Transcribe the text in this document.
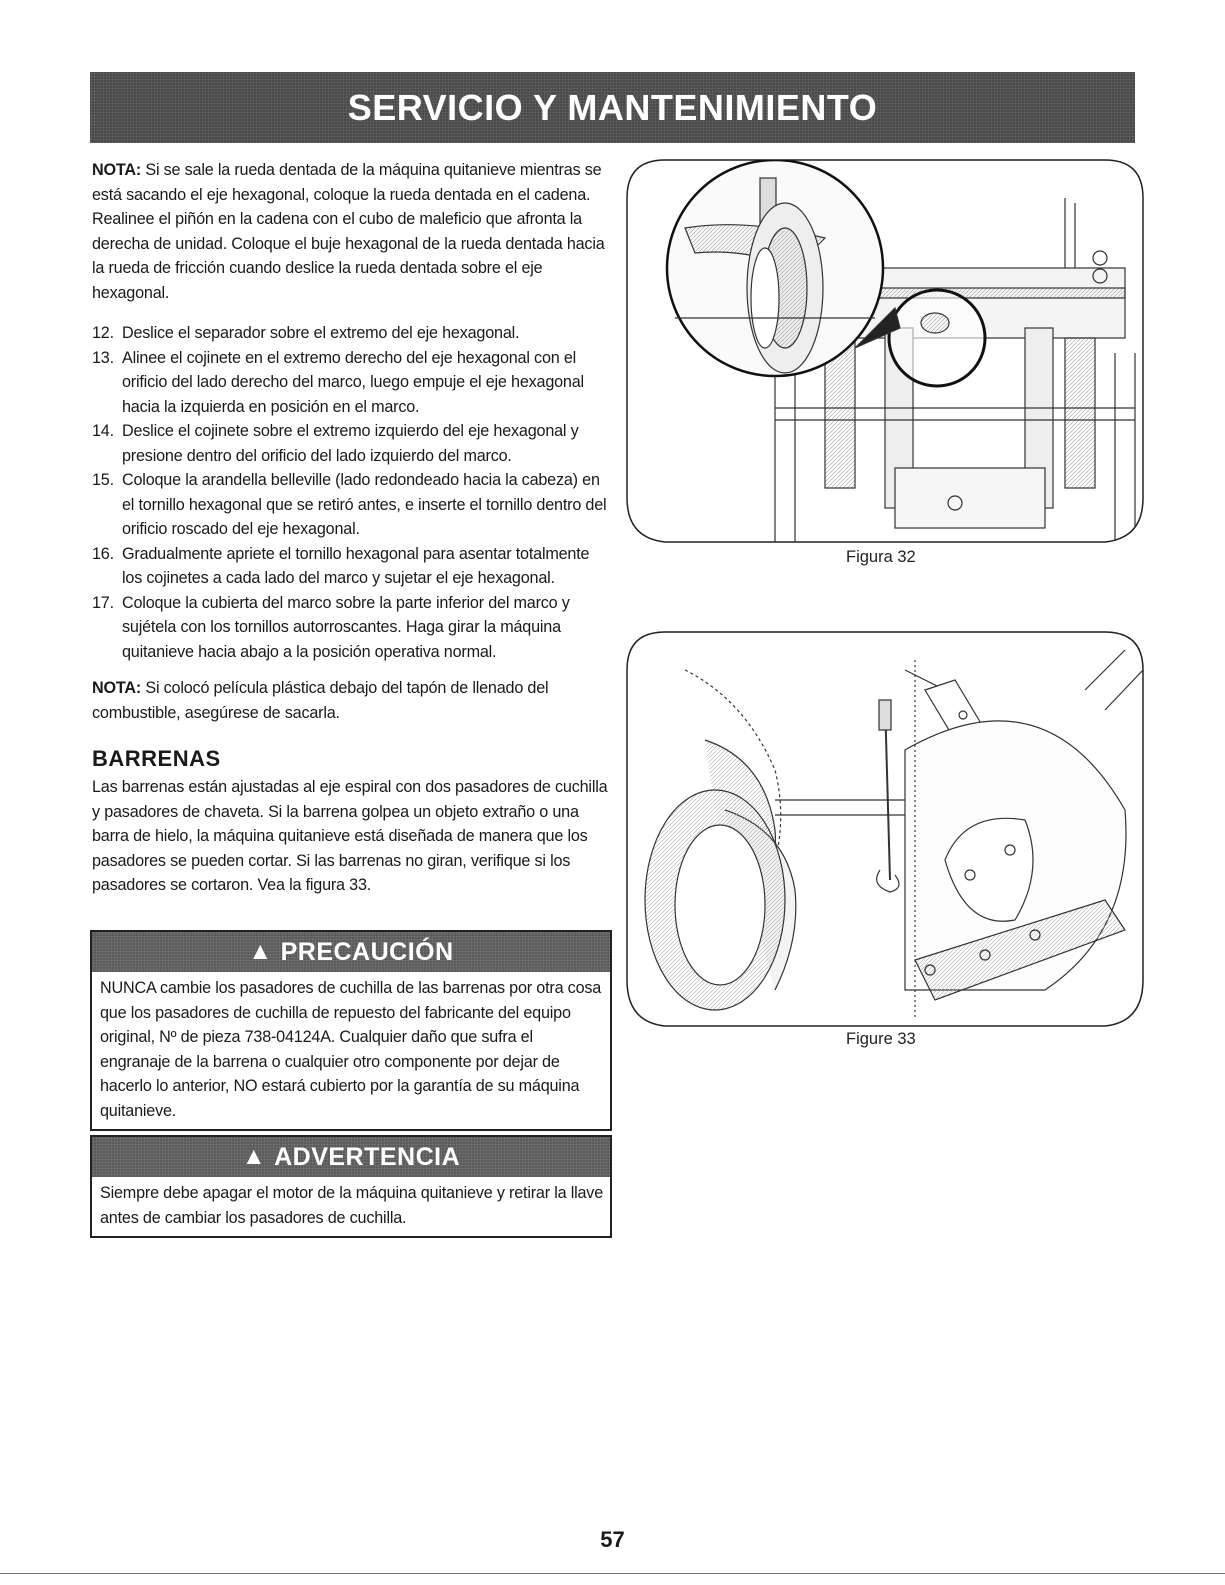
SERVICIO Y MANTENIMIENTO

NOTA: Si se sale la rueda dentada de la máquina quitanieve mientras se está sacando el eje hexagonal, coloque la rueda dentada en el cadena. Realinee el piñón en la cadena con el cubo de maleficio que afronta la derecha de unidad. Coloque el buje hexagonal de la rueda dentada hacia la rueda de fricción cuando deslice la rueda dentada sobre el eje hexagonal.

12. Deslice el separador sobre el extremo del eje hexagonal.
13. Alinee el cojinete en el extremo derecho del eje hexagonal con el orificio del lado derecho del marco, luego empuje el eje hexagonal hacia la izquierda en posición en el marco.
14. Deslice el cojinete sobre el extremo izquierdo del eje hexagonal y presione dentro del orificio del lado izquierdo del marco.
15. Coloque la arandella belleville (lado redondeado hacia la cabeza) en el tornillo hexagonal que se retiró antes, e inserte el tornillo dentro del orificio roscado del eje hexagonal.
16. Gradualmente apriete el tornillo hexagonal para asentar totalmente los cojinetes a cada lado del marco y sujetar el eje hexagonal.
17. Coloque la cubierta del marco sobre la parte inferior del marco y sujétela con los tornillos autorroscantes. Haga girar la máquina quitanieve hacia abajo a la posición operativa normal.

NOTA: Si colocó película plástica debajo del tapón de llenado del combustible, asegúrese de sacarla.

BARRENAS

Las barrenas están ajustadas al eje espiral con dos pasadores de cuchilla y pasadores de chaveta. Si la barrena golpea un objeto extraño o una barra de hielo, la máquina quitanieve está diseñada de manera que los pasadores se pueden cortar. Si las barrenas no giran, verifique si los pasadores se cortaron. Vea la figura 33.

▲ PRECAUCIÓN

NUNCA cambie los pasadores de cuchilla de las barrenas por otra cosa que los pasadores de cuchilla de repuesto del fabricante del equipo original, Nº de pieza 738-04124A. Cualquier daño que sufra el engranaje de la barrena o cualquier otro componente por dejar de hacerlo lo anterior, NO estará cubierto por la garantía de su máquina quitanieve.

▲ ADVERTENCIA

Siempre debe apagar el motor de la máquina quitanieve y retirar la llave antes de cambiar los pasadores de cuchilla.

Figura 32
Figure 33
57
